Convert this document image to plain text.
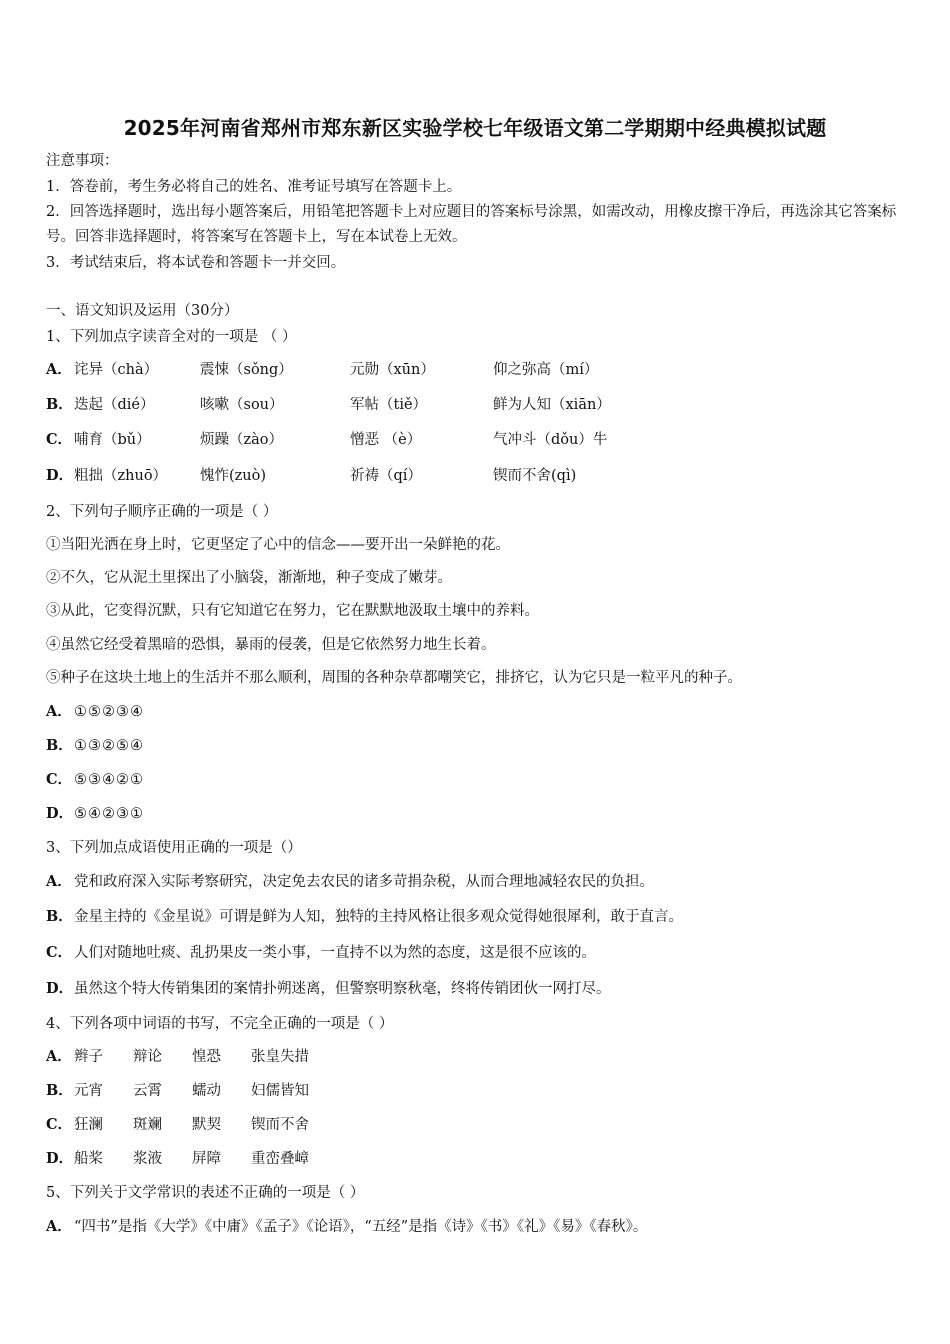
2025年河南省郑州市郑东新区实验学校七年级语文第二学期期中经典模拟试题
注意事项：
1．答卷前，考生务必将自己的姓名、准考证号填写在答题卡上。
2．回答选择题时，选出每小题答案后，用铅笔把答题卡上对应题目的答案标号涂黑，如需改动，用橡皮擦干净后，再选涂其它答案标号。回答非选择题时，将答案写在答题卡上，写在本试卷上无效。
3．考试结束后，将本试卷和答题卡一并交回。
一、语文知识及运用（30分）
1、下列加点字读音全对的一项是 （ ）
A． 诧异（chà）	震悚（sǒng）	元勋（xūn）	仰之弥高（mí）
B． 迭起（dié）	咳嗽（sou）	军帖（tiě）	鲜为人知（xiān）
C． 哺育（bǔ）	烦躁（zào）	憎恶 （è）	气冲斗（dǒu）牛
D． 粗拙（zhuō） 愧怍(zuò)	祈祷（qí）	锲而不舍(qì)
2、下列句子顺序正确的一项是（ ）
①当阳光洒在身上时，它更坚定了心中的信念——要开出一朵鲜艳的花。
②不久，它从泥土里探出了小脑袋，渐渐地，种子变成了嫩芽。
③从此，它变得沉默，只有它知道它在努力，它在默默地汲取土壤中的养料。
④虽然它经受着黑暗的恐惧，暴雨的侵袭，但是它依然努力地生长着。
⑤种子在这块土地上的生活并不那么顺利，周围的各种杂草都嘲笑它，排挤它，认为它只是一粒平凡的种子。
A． ①⑤②③④
B．①③②⑤④
C． ⑤③④②①
D．⑤④②③①
3、下列加点成语使用正确的一项是（）
A． 党和政府深入实际考察研究，决定免去农民的诸多苛捐杂税，从而合理地减轻农民的负担。
B．金星主持的《金星说》可谓是鲜为人知，独特的主持风格让很多观众觉得她很犀利，敢于直言。
C． 人们对随地吐痰、乱扔果皮一类小事，一直持不以为然的态度，这是很不应该的。
D．虽然这个特大传销集团的案情扑朔迷离，但警察明察秋毫，终将传销团伙一网打尽。
4、下列各项中词语的书写，不完全正确的一项是（ ）
A． 辫子 辩论 惶恐 张皇失措
B． 元宵 云霄 蠕动 妇儒皆知
C． 狂澜 斑斓 默契 锲而不舍
D． 船桨 浆液 屏障 重峦叠嶂
5、下列关于文学常识的表述不正确的一项是（ ）
A． “四书”是指《大学》《中庸》《孟子》《论语》，“五经”是指《诗》《书》《礼》《易》《春秋》。
